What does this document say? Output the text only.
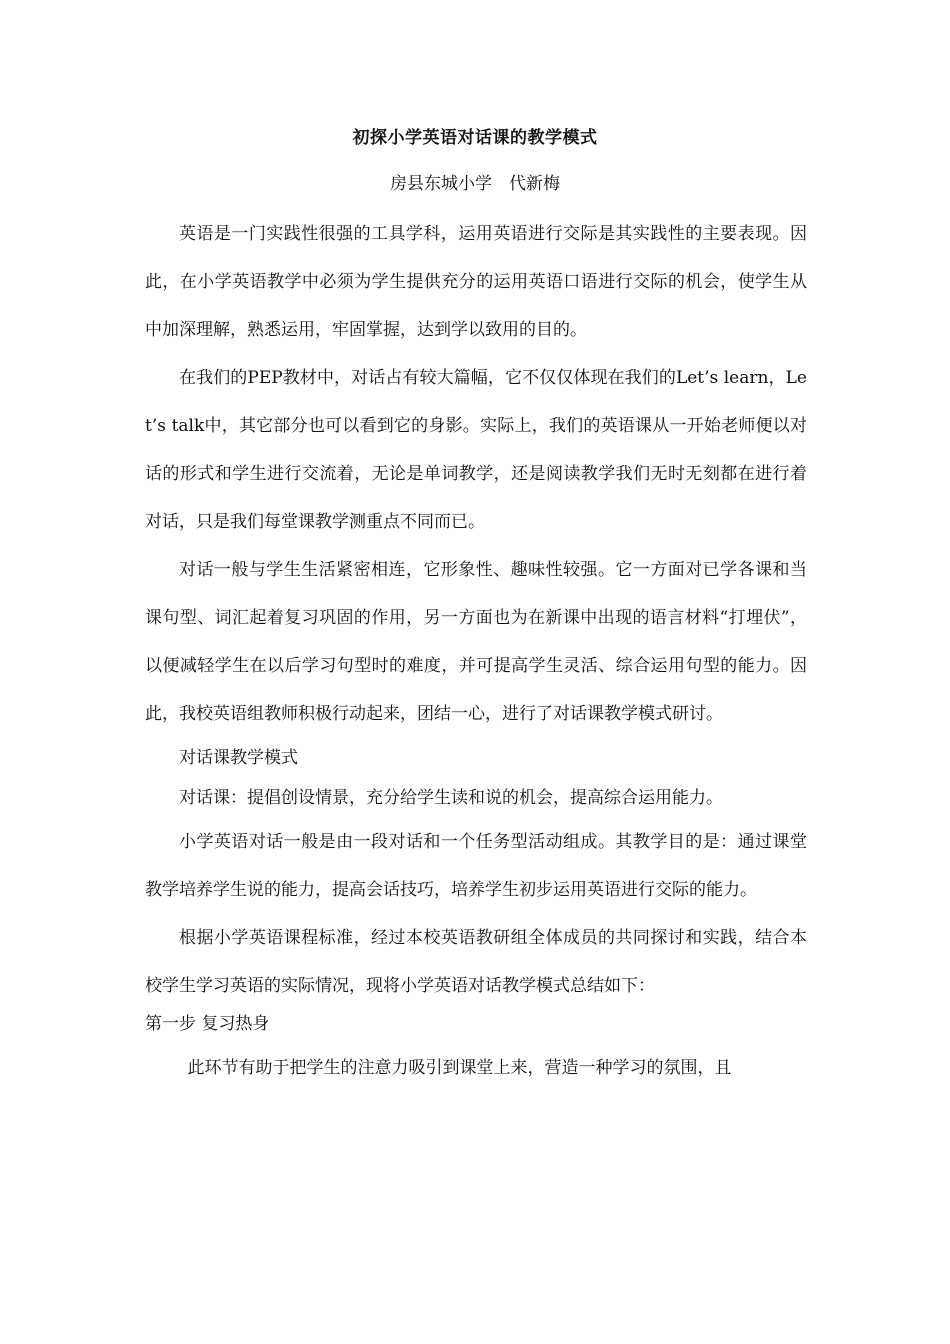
初探小学英语对话课的教学模式
房县东城小学　代新梅

英语是一门实践性很强的工具学科，运用英语进行交际是其实践性的主要表现。因此，在小学英语教学中必须为学生提供充分的运用英语口语进行交际的机会，使学生从中加深理解，熟悉运用，牢固掌握，达到学以致用的目的。

在我们的PEP教材中，对话占有较大篇幅，它不仅仅体现在我们的Let’s learn，Let’s talk中，其它部分也可以看到它的身影。实际上，我们的英语课从一开始老师便以对话的形式和学生进行交流着，无论是单词教学，还是阅读教学我们无时无刻都在进行着对话，只是我们每堂课教学测重点不同而已。

对话一般与学生生活紧密相连，它形象性、趣味性较强。它一方面对已学各课和当课句型、词汇起着复习巩固的作用，另一方面也为在新课中出现的语言材料“打埋伏”，以便减轻学生在以后学习句型时的难度，并可提高学生灵活、综合运用句型的能力。因此，我校英语组教师积极行动起来，团结一心，进行了对话课教学模式研讨。

对话课教学模式

对话课：提倡创设情景，充分给学生读和说的机会，提高综合运用能力。

小学英语对话一般是由一段对话和一个任务型活动组成。其教学目的是：通过课堂教学培养学生说的能力，提高会话技巧，培养学生初步运用英语进行交际的能力。

根据小学英语课程标准，经过本校英语教研组全体成员的共同探讨和实践，结合本校学生学习英语的实际情况，现将小学英语对话教学模式总结如下：

第一步 复习热身

此环节有助于把学生的注意力吸引到课堂上来，营造一种学习的氛围，且
